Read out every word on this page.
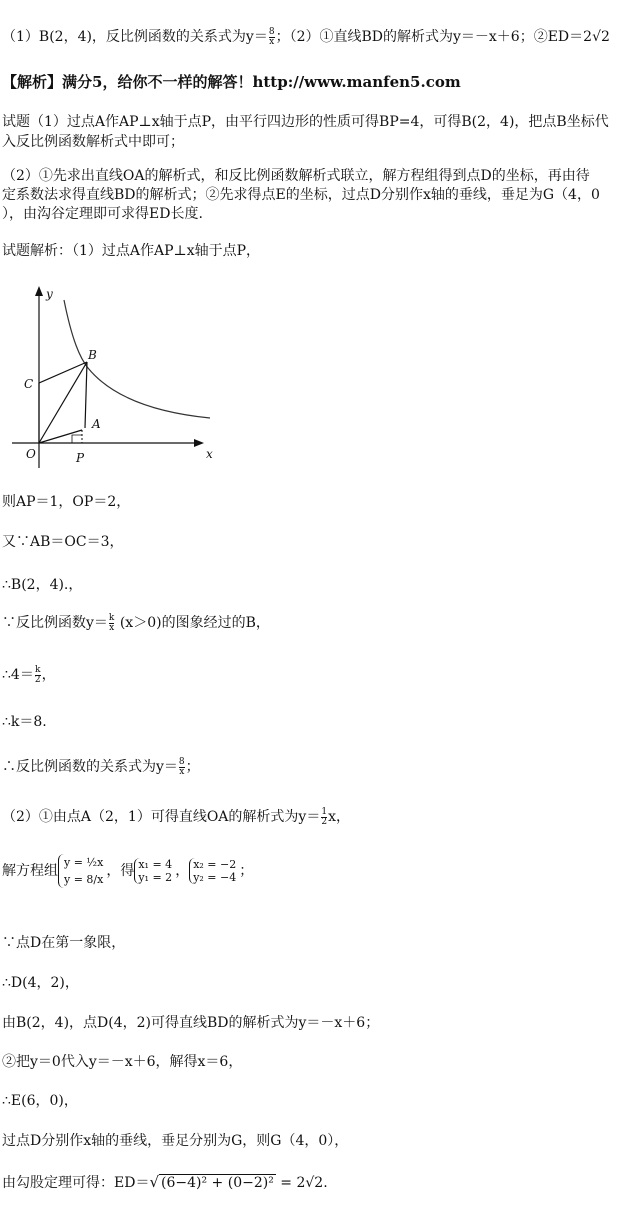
（1）B(2，4)，反比例函数的关系式为$y= \frac{8}{x}$ ；（2）①直线BD的解析式为y＝－x＋6；②ED＝2√2
【解析】满分5，给你不一样的解答！http://www.manfen5.com
试题（1）过点A作AP⊥x轴于点P，由平行四边形的性质可得BP=4，可得B(2，4)，把点B坐标代
入反比例函数解析式中即可；
（2）①先求出直线OA的解析式，和反比例函数解析式联立，解方程组得到点D的坐标，再由待
定系数法求得直线BD的解析式；②先求得点E的坐标，过点D分别作x轴的垂线，垂足为G（4，0
），由沟谷定理即可求得ED长度.
试题解析：（1）过点A作AP⊥x轴于点P，
y
x
O	P
C
B
A
则AP＝1，OP＝2，
又∵AB＝OC＝3，
∴B(2，4).，
∵反比例函数$y= \frac{k}{x} (x>0)$的图象经过的B，
∴4＝ $\frac{k}{2}$ ，
∴k＝8.
∴反比例函数的关系式为$y= \frac{8}{x}$ ；
（2）①由点A（2，1）可得直线OA的解析式为$y= \frac{1}{2}$ x，
解方程组
y = ½x
y = 8/x
，得 x₁ = 4
y₁ = 2 ， x₂ = −2
y₂ = −4 ；
∵点D在第一象限，
∴D(4，2)，
由B(2，4)，点D(4，2)可得直线BD的解析式为y＝－x＋6；
②把y＝0代入y＝－x＋6，解得x＝6，
∴E(6，0)，
过点D分别作x轴的垂线，垂足分别为G，则G（4，0），
由勾股定理可得：ED＝√ (6−4)² + (0−2)² = 2√2.
